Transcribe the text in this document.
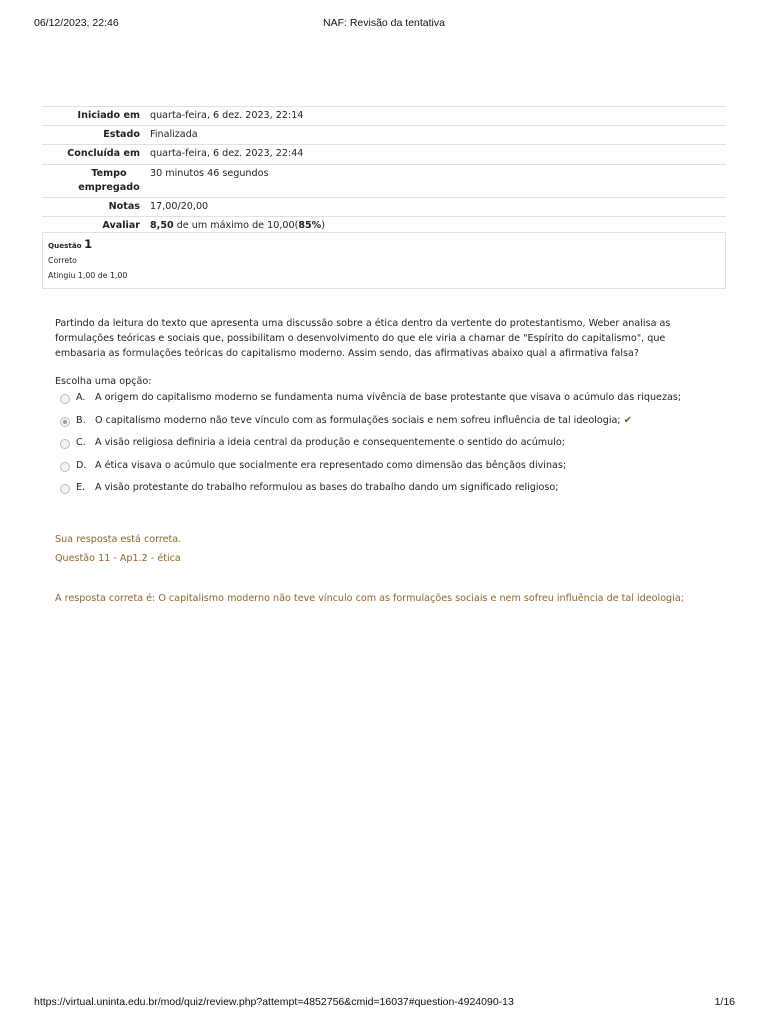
06/12/2023, 22:46	NAF: Revisão da tentativa
Iniciado em	quarta-feira, 6 dez. 2023, 22:14
Estado	Finalizada
Concluída em	quarta-feira, 6 dez. 2023, 22:44
Tempo empregado	30 minutos 46 segundos
Notas	17,00/20,00
Avaliar	8,50 de um máximo de 10,00(85%)
Questão 1
Correto
Atingiu 1,00 de 1,00
Partindo da leitura do texto que apresenta uma discussão sobre a ética dentro da vertente do protestantismo, Weber analisa as formulações teóricas e sociais que, possibilitam o desenvolvimento do que ele viria a chamar de "Espírito do capitalismo", que embasaria as formulações teóricas do capitalismo moderno. Assim sendo, das afirmativas abaixo qual a afirmativa falsa?
Escolha uma opção:
A. A origem do capitalismo moderno se fundamenta numa vivência de base protestante que visava o acúmulo das riquezas;
B. O capitalismo moderno não teve vínculo com as formulações sociais e nem sofreu influência de tal ideologia; ✔
C. A visão religiosa definiria a ideia central da produção e consequentemente o sentido do acúmulo;
D. A ética visava o acúmulo que socialmente era representado como dimensão das bênçãos divinas;
E. A visão protestante do trabalho reformulou as bases do trabalho dando um significado religioso;
Sua resposta está correta.
Questão 11 - Ap1.2 - ética
A resposta correta é: O capitalismo moderno não teve vínculo com as formulações sociais e nem sofreu influência de tal ideologia;
https://virtual.uninta.edu.br/mod/quiz/review.php?attempt=4852756&cmid=16037#question-4924090-13	1/16
